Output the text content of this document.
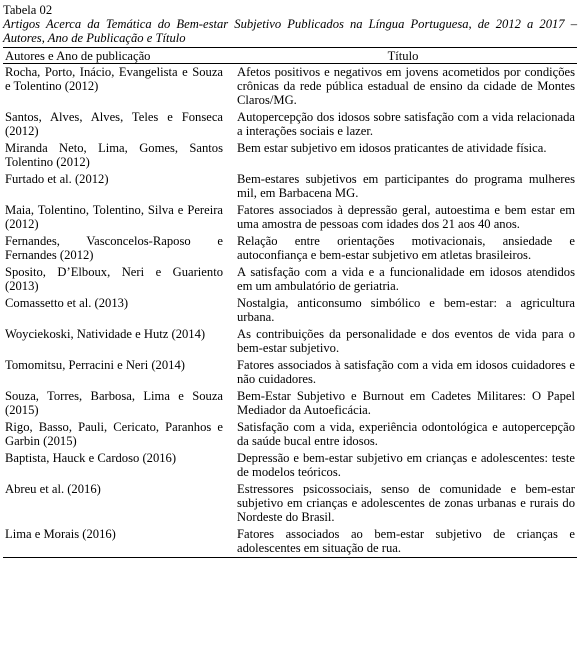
Tabela 02

Artigos Acerca da Temática do Bem-estar Subjetivo Publicados na Língua Portuguesa, de 2012 a 2017 – Autores, Ano de Publicação e Título

Autores e Ano de publicação	Título
Rocha, Porto, Inácio, Evangelista e Souza e Tolentino (2012)	Afetos positivos e negativos em jovens acometidos por condições crônicas da rede pública estadual de ensino da cidade de Montes Claros/MG.
Santos, Alves, Alves, Teles e Fonseca (2012)	Autopercepção dos idosos sobre satisfação com a vida relacionada a interações sociais e lazer.
Miranda Neto, Lima, Gomes, Santos Tolentino (2012)	Bem estar subjetivo em idosos praticantes de atividade física.
Furtado et al. (2012)	Bem-estares subjetivos em participantes do programa mulheres mil, em Barbacena MG.
Maia, Tolentino, Tolentino, Silva e Pereira (2012)	Fatores associados à depressão geral, autoestima e bem estar em uma amostra de pessoas com idades dos 21 aos 40 anos.
Fernandes, Vasconcelos-Raposo e Fernandes (2012)	Relação entre orientações motivacionais, ansiedade e autoconfiança e bem-estar subjetivo em atletas brasileiros.
Sposito, D’Elboux, Neri e Guariento (2013)	A satisfação com a vida e a funcionalidade em idosos atendidos em um ambulatório de geriatria.
Comassetto et al. (2013)	Nostalgia, anticonsumo simbólico e bem-estar: a agricultura urbana.
Woyciekoski, Natividade e Hutz (2014)	As contribuições da personalidade e dos eventos de vida para o bem-estar subjetivo.
Tomomitsu, Perracini e Neri (2014)	Fatores associados à satisfação com a vida em idosos cuidadores e não cuidadores.
Souza, Torres, Barbosa, Lima e Souza (2015)	Bem-Estar Subjetivo e Burnout em Cadetes Militares: O Papel Mediador da Autoeficácia.
Rigo, Basso, Pauli, Cericato, Paranhos e Garbin (2015)	Satisfação com a vida, experiência odontológica e autopercepção da saúde bucal entre idosos.
Baptista, Hauck e Cardoso (2016)	Depressão e bem-estar subjetivo em crianças e adolescentes: teste de modelos teóricos.
Abreu et al. (2016)	Estressores psicossociais, senso de comunidade e bem-estar subjetivo em crianças e adolescentes de zonas urbanas e rurais do Nordeste do Brasil.
Lima e Morais (2016)	Fatores associados ao bem-estar subjetivo de crianças e adolescentes em situação de rua.
